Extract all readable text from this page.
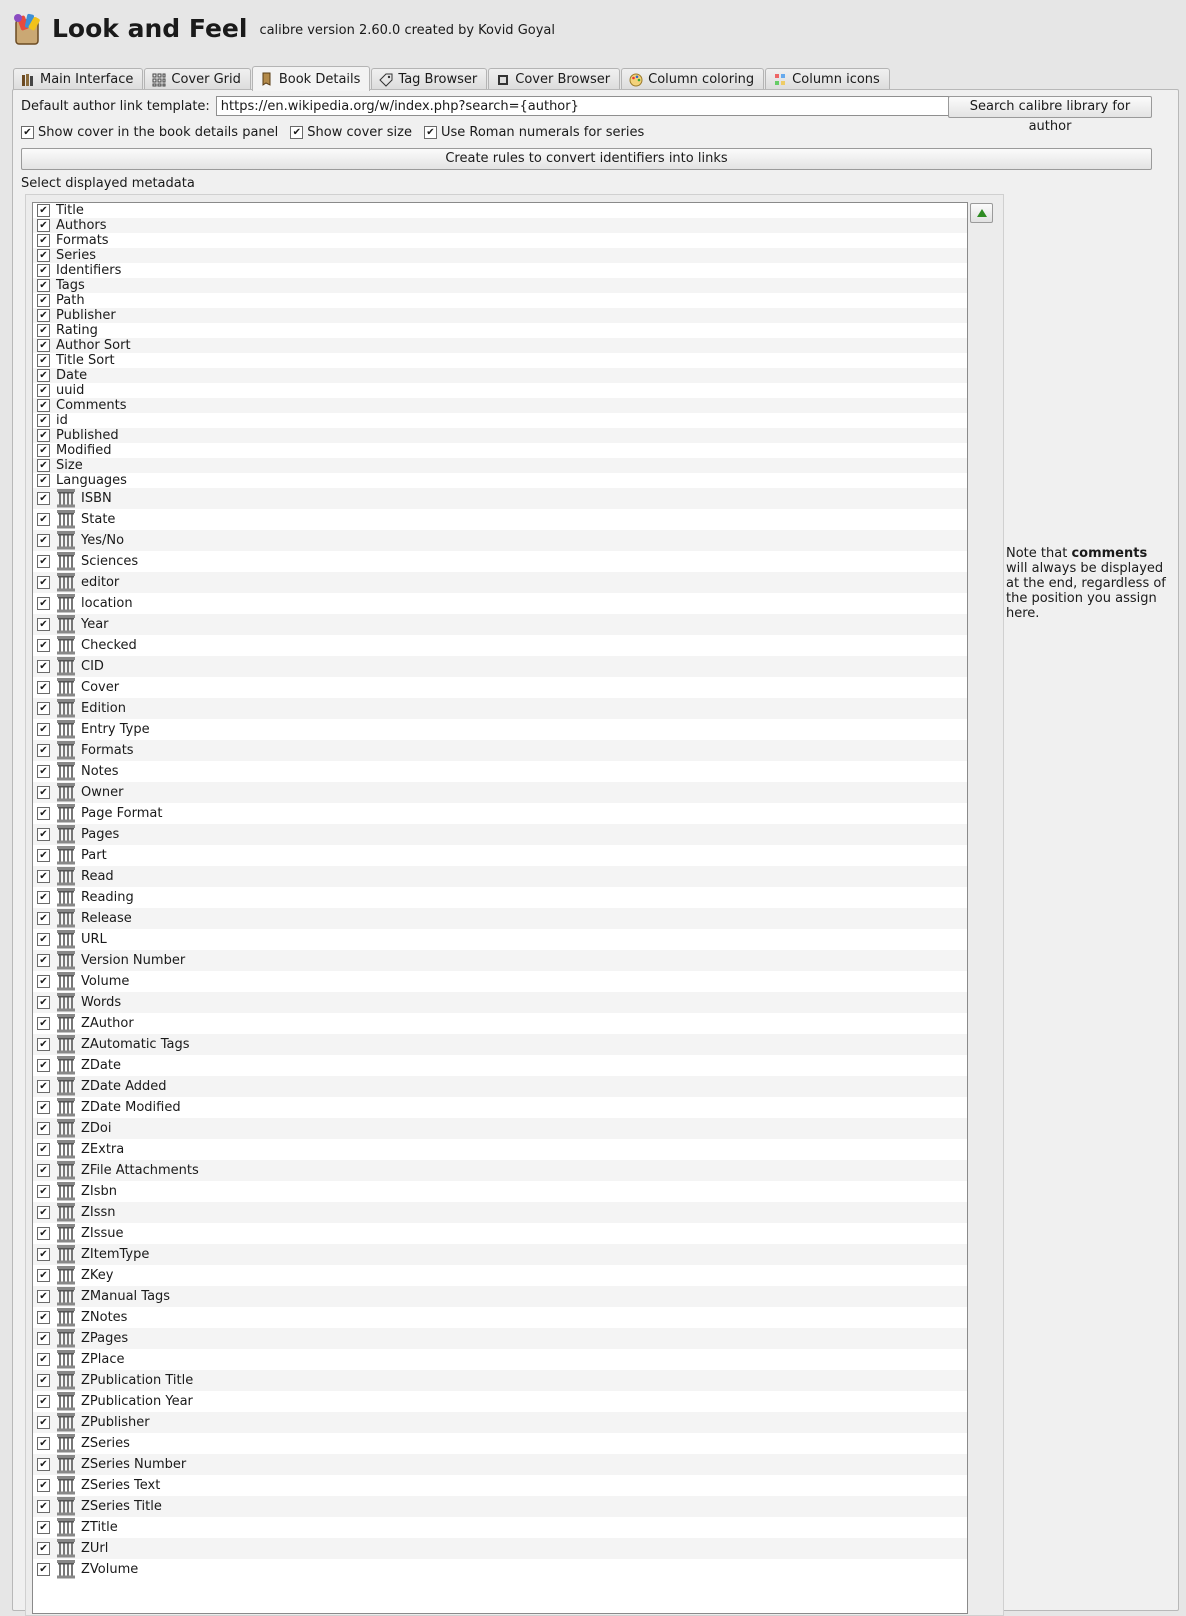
Look and Feel calibre version 2.60.0 created by Kovid Goyal
Main Interface	Cover Grid	Book Details	Tag Browser	Cover Browser	Column coloring	Column icons
Default author link template: https://en.wikipedia.org/w/index.php?search={author}	Search calibre library for author
✔ Show cover in the book details panel ✔ Show cover size ✔ Use Roman numerals for series
Create rules to convert identifiers into links
Select displayed metadata
✔ Title
✔ Authors
✔ Formats
✔ Series
✔ Identifiers
✔ Tags
✔ Path
✔ Publisher
✔ Rating
✔ Author Sort
✔ Title Sort
✔ Date
✔ uuid
✔ Comments
✔ id
✔ Published
✔ Modified
✔ Size
✔ Languages
✔	ISBN
✔	State
✔	Yes/No
✔	Sciences
✔	editor
✔	location
✔	Year
✔	Checked
✔	CID
✔	Cover
✔	Edition
✔	Entry Type
✔	Formats
✔	Notes
✔	Owner
✔	Page Format
✔	Pages
✔	Part
✔	Read
✔	Reading
✔	Release
✔	URL
✔	Version Number
✔	Volume
✔	Words
✔	ZAuthor
✔	ZAutomatic Tags
✔	ZDate
✔	ZDate Added
✔	ZDate Modified
✔	ZDoi
✔	ZExtra
✔	ZFile Attachments
✔	ZIsbn
✔	ZIssn
✔	ZIssue
✔	ZItemType
✔	ZKey
✔	ZManual Tags
✔	ZNotes
✔	ZPages
✔	ZPlace
✔	ZPublication Title
✔	ZPublication Year
✔	ZPublisher
✔	ZSeries
✔	ZSeries Number
✔	ZSeries Text
✔	ZSeries Title
✔	ZTitle
✔	ZUrl
✔	ZVolume
Note that comments will always be displayed at the end, regardless of the position you assign here.
